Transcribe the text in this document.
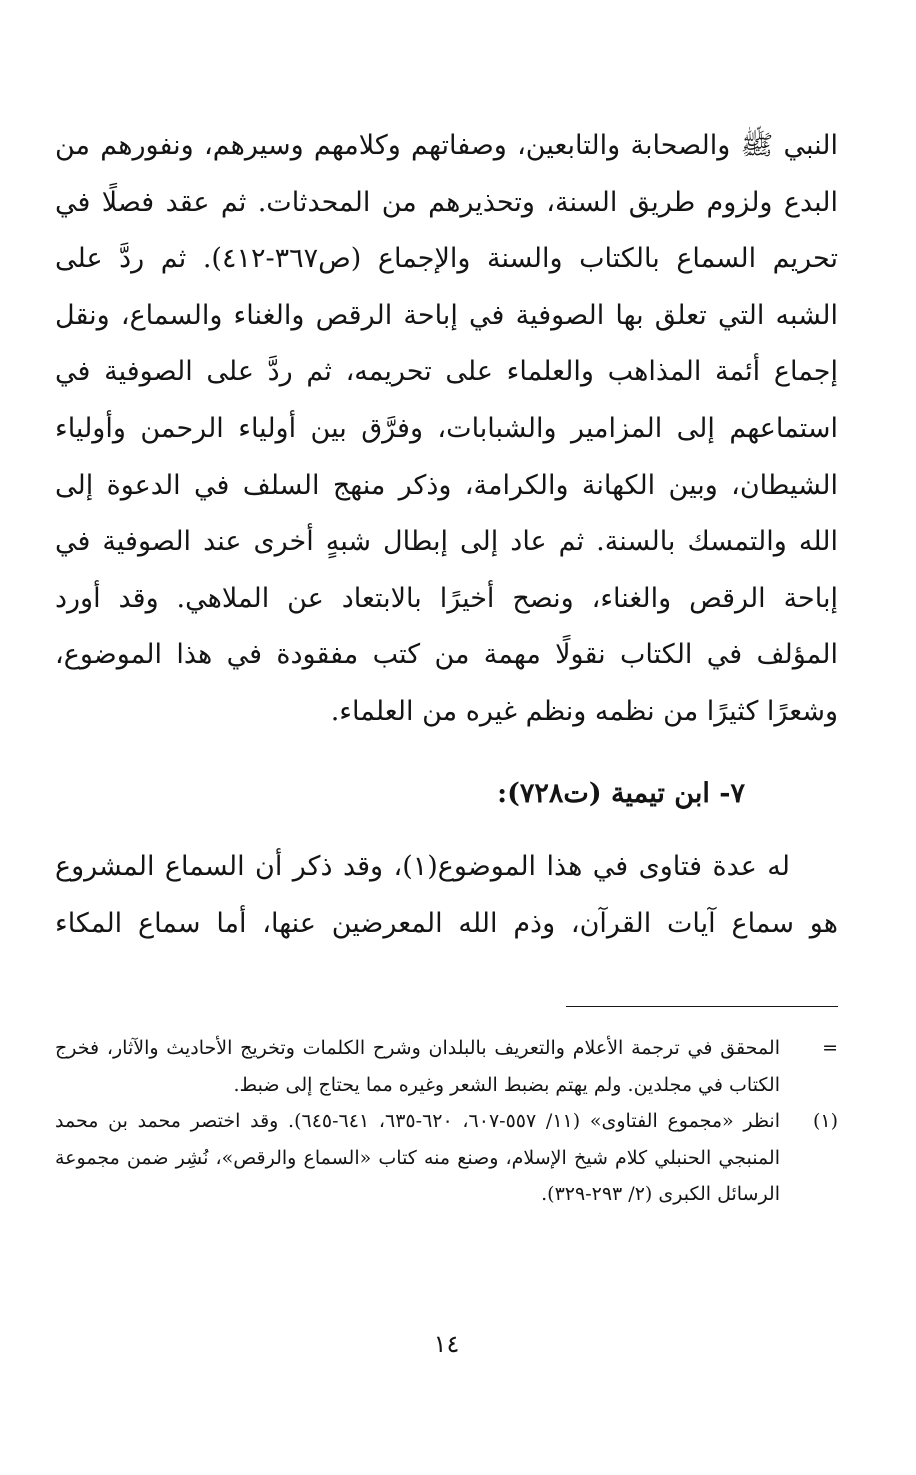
النبي ﷺ والصحابة والتابعين، وصفاتهم وكلامهم وسيرهم، ونفورهم من البدع ولزوم طريق السنة، وتحذيرهم من المحدثات. ثم عقد فصلًا في تحريم السماع بالكتاب والسنة والإجماع (ص٣٦٧-٤١٢). ثم ردَّ على الشبه التي تعلق بها الصوفية في إباحة الرقص والغناء والسماع، ونقل إجماع أئمة المذاهب والعلماء على تحريمه، ثم ردَّ على الصوفية في استماعهم إلى المزامير والشبابات، وفرَّق بين أولياء الرحمن وأولياء الشيطان، وبين الكهانة والكرامة، وذكر منهج السلف في الدعوة إلى الله والتمسك بالسنة. ثم عاد إلى إبطال شبهٍ أخرى عند الصوفية في إباحة الرقص والغناء، ونصح أخيرًا بالابتعاد عن الملاهي. وقد أورد المؤلف في الكتاب نقولًا مهمة من كتب مفقودة في هذا الموضوع، وشعرًا كثيرًا من نظمه ونظم غيره من العلماء.

٧- ابن تيمية (ت٧٢٨):

له عدة فتاوى في هذا الموضوع(١)، وقد ذكر أن السماع المشروع هو سماع آيات القرآن، وذم الله المعرضين عنها، أما سماع المكاء

=
المحقق في ترجمة الأعلام والتعريف بالبلدان وشرح الكلمات وتخريج الأحاديث والآثار، فخرج الكتاب في مجلدين. ولم يهتم بضبط الشعر وغيره مما يحتاج إلى ضبط.
(١)
انظر «مجموع الفتاوى» (١١/ ٥٥٧-٦٠٧، ٦٢٠-٦٣٥، ٦٤١-٦٤٥). وقد اختصر محمد بن محمد المنبجي الحنبلي كلام شيخ الإسلام، وصنع منه كتاب «السماع والرقص»، نُشِر ضمن مجموعة الرسائل الكبرى (٢/ ٢٩٣-٣٢٩).
١٤
